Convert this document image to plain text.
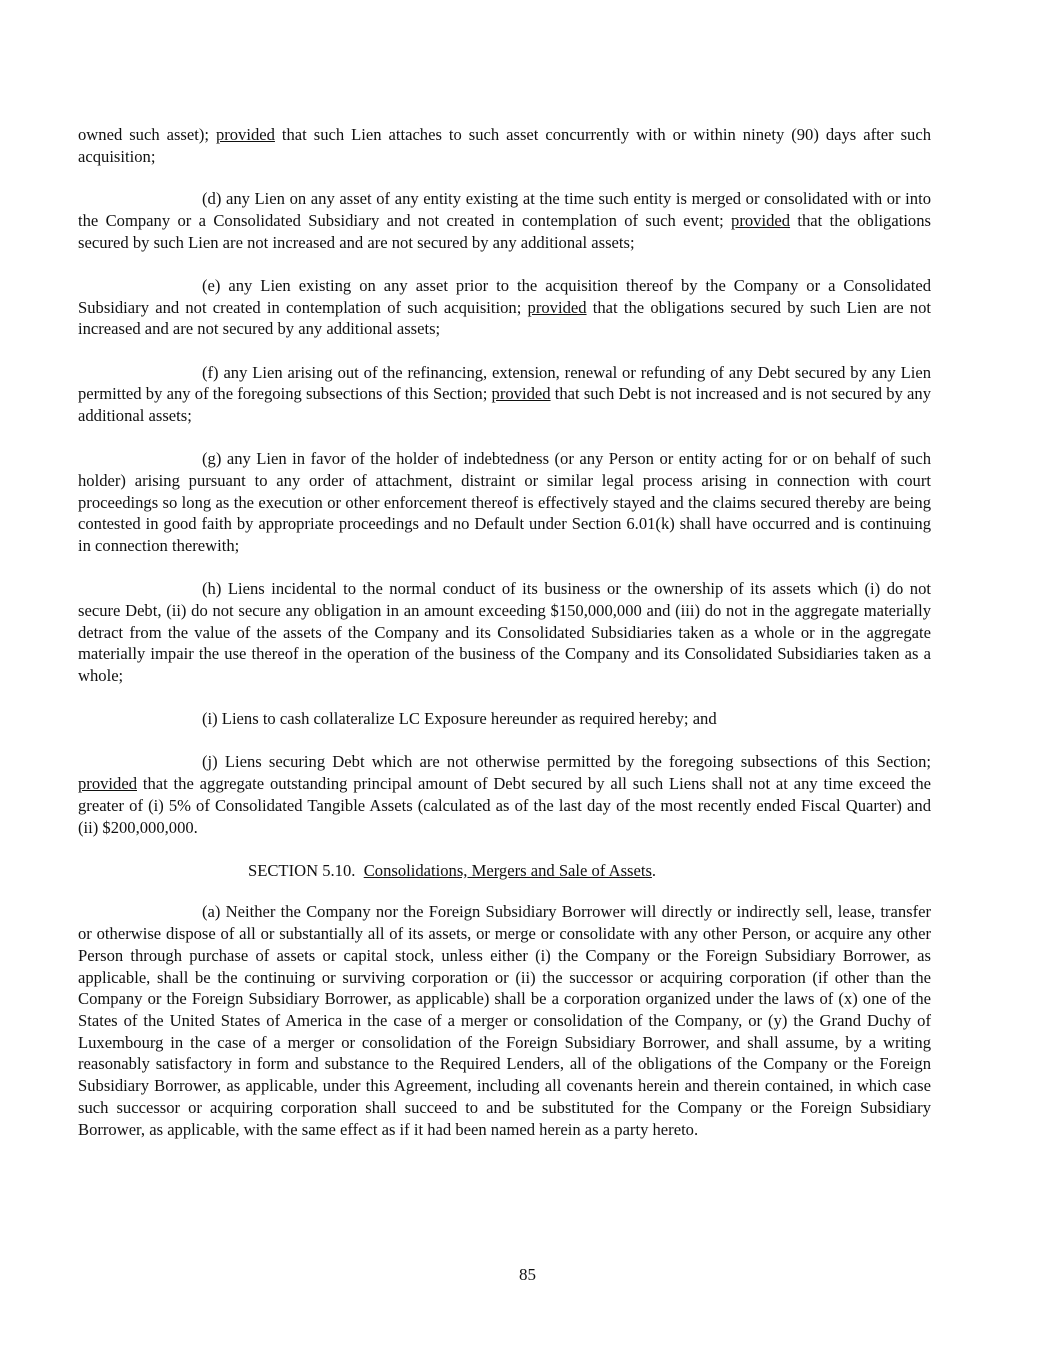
owned such asset); provided that such Lien attaches to such asset concurrently with or within ninety (90) days after such acquisition;

(d) any Lien on any asset of any entity existing at the time such entity is merged or consolidated with or into the Company or a Consolidated Subsidiary and not created in contemplation of such event; provided that the obligations secured by such Lien are not increased and are not secured by any additional assets;

(e) any Lien existing on any asset prior to the acquisition thereof by the Company or a Consolidated Subsidiary and not created in contemplation of such acquisition; provided that the obligations secured by such Lien are not increased and are not secured by any additional assets;

(f) any Lien arising out of the refinancing, extension, renewal or refunding of any Debt secured by any Lien permitted by any of the foregoing subsections of this Section; provided that such Debt is not increased and is not secured by any additional assets;

(g) any Lien in favor of the holder of indebtedness (or any Person or entity acting for or on behalf of such holder) arising pursuant to any order of attachment, distraint or similar legal process arising in connection with court proceedings so long as the execution or other enforcement thereof is effectively stayed and the claims secured thereby are being contested in good faith by appropriate proceedings and no Default under Section 6.01(k) shall have occurred and is continuing in connection therewith;

(h) Liens incidental to the normal conduct of its business or the ownership of its assets which (i) do not secure Debt, (ii) do not secure any obligation in an amount exceeding $150,000,000 and (iii) do not in the aggregate materially detract from the value of the assets of the Company and its Consolidated Subsidiaries taken as a whole or in the aggregate materially impair the use thereof in the operation of the business of the Company and its Consolidated Subsidiaries taken as a whole;

(i) Liens to cash collateralize LC Exposure hereunder as required hereby; and

(j) Liens securing Debt which are not otherwise permitted by the foregoing subsections of this Section; provided that the aggregate outstanding principal amount of Debt secured by all such Liens shall not at any time exceed the greater of (i) 5% of Consolidated Tangible Assets (calculated as of the last day of the most recently ended Fiscal Quarter) and (ii) $200,000,000.

SECTION 5.10. Consolidations, Mergers and Sale of Assets.

(a) Neither the Company nor the Foreign Subsidiary Borrower will directly or indirectly sell, lease, transfer or otherwise dispose of all or substantially all of its assets, or merge or consolidate with any other Person, or acquire any other Person through purchase of assets or capital stock, unless either (i) the Company or the Foreign Subsidiary Borrower, as applicable, shall be the continuing or surviving corporation or (ii) the successor or acquiring corporation (if other than the Company or the Foreign Subsidiary Borrower, as applicable) shall be a corporation organized under the laws of (x) one of the States of the United States of America in the case of a merger or consolidation of the Company, or (y) the Grand Duchy of Luxembourg in the case of a merger or consolidation of the Foreign Subsidiary Borrower, and shall assume, by a writing reasonably satisfactory in form and substance to the Required Lenders, all of the obligations of the Company or the Foreign Subsidiary Borrower, as applicable, under this Agreement, including all covenants herein and therein contained, in which case such successor or acquiring corporation shall succeed to and be substituted for the Company or the Foreign Subsidiary Borrower, as applicable, with the same effect as if it had been named herein as a party hereto.

85
